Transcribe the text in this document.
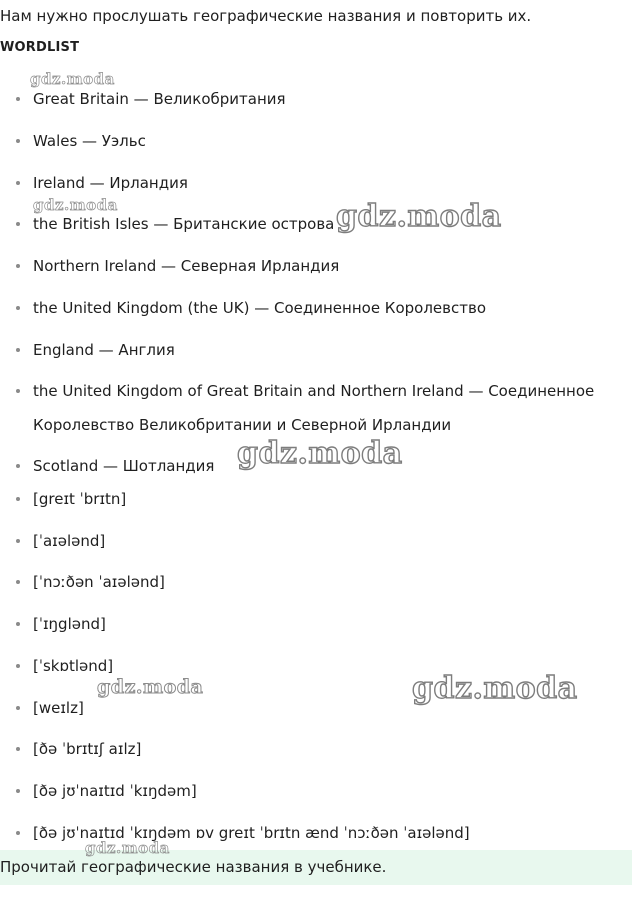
Нам нужно прослушать географические названия и повторить их.
WORDLIST
Great Britain — Великобритания
Wales — Уэльс
Ireland — Ирландия
the British Isles — Британские острова
Northern Ireland — Северная Ирландия
the United Kingdom (the UK) — Соединенное Королевство
England — Англия
the United Kingdom of Great Britain and Northern Ireland — Соединенное Королевство Великобритании и Северной Ирландии
Scotland — Шотландия
[greɪt ˈbrɪtn]
[ˈaɪələnd]
[ˈnɔːðən ˈaɪələnd]
[ˈɪŋglənd]
[ˈskɒtlənd]
[weɪlz]
[ðə ˈbrɪtɪʃ aɪlz]
[ðə jʊˈnaɪtɪd ˈkɪŋdəm]
[ðə jʊˈnaɪtɪd ˈkɪŋdəm ɒv greɪt ˈbrɪtn ænd ˈnɔːðən ˈaɪələnd]
Прочитай географические названия в учебнике.
gdz.moda
gdz.moda	gdz.moda
gdz.moda
gdz.moda	gdz.moda
gdz.moda
